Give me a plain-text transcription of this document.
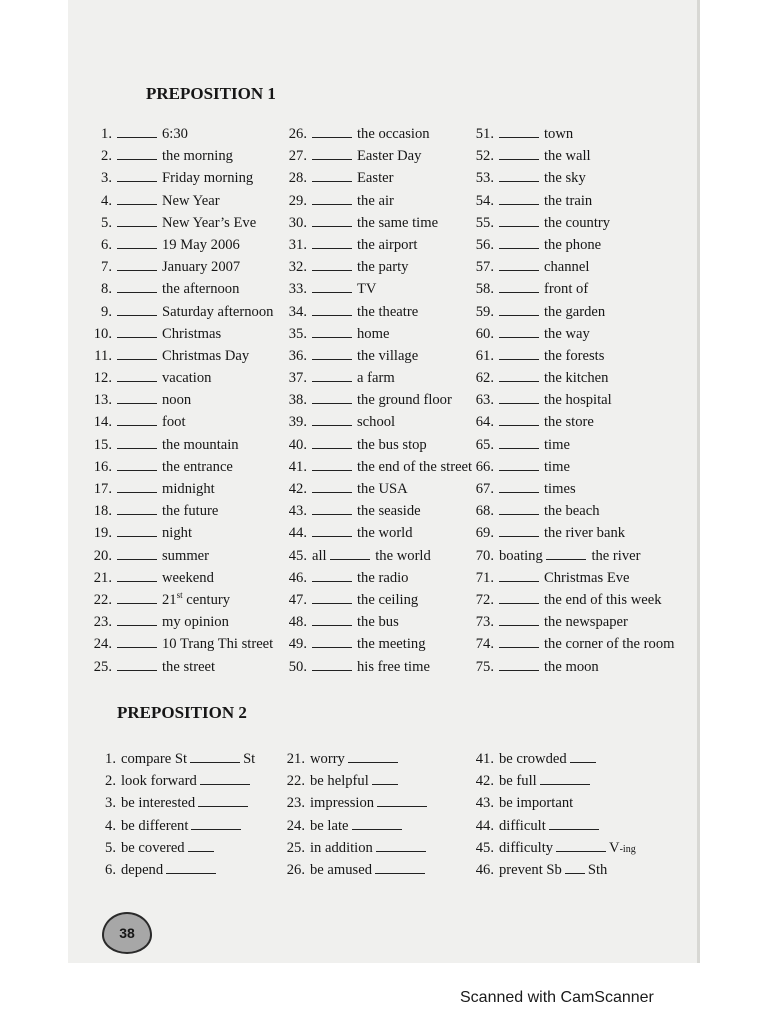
PREPOSITION 1
1.	6:30
2.	the morning
3.	Friday morning
4.	New Year
5.	New Year’s Eve
6.	19 May 2006
7.	January 2007
8.	the afternoon
9.	Saturday afternoon
10.	Christmas
11.	Christmas Day
12.	vacation
13.	noon
14.	foot
15.	the mountain
16.	the entrance
17.	midnight
18.	the future
19.	night
20.	summer
21.	weekend
22.	21st century
23.	my opinion
24.	10 Trang Thi street
25.	the street
26.	the occasion
27.	Easter Day
28.	Easter
29.	the air
30.	the same time
31.	the airport
32.	the party
33.	TV
34.	the theatre
35.	home
36.	the village
37.	a farm
38.	the ground floor
39.	school
40.	the bus stop
41.	the end of the street
42.	the USA
43.	the seaside
44.	the world
45. all	the world
46.	the radio
47.	the ceiling
48.	the bus
49.	the meeting
50.	his free time
51.	town
52.	the wall
53.	the sky
54.	the train
55.	the country
56.	the phone
57.	channel
58.	front of
59.	the garden
60.	the way
61.	the forests
62.	the kitchen
63.	the hospital
64.	the store
65.	time
66.	time
67.	times
68.	the beach
69.	the river bank
70. boating	the river
71.	Christmas Eve
72.	the end of this week
73.	the newspaper
74.	the corner of the room
75.	the moon
PREPOSITION 2
1. compare St	St
2. look forward
3. be interested
4. be different
5. be covered
6. depend
21. worry
22. be helpful
23. impression
24. be late
25. in addition
26. be amused
41. be crowded
42. be full
43. be important
44. difficult
45. difficulty	V-ing
46. prevent Sb Sth
38
Scanned with CamScanner
